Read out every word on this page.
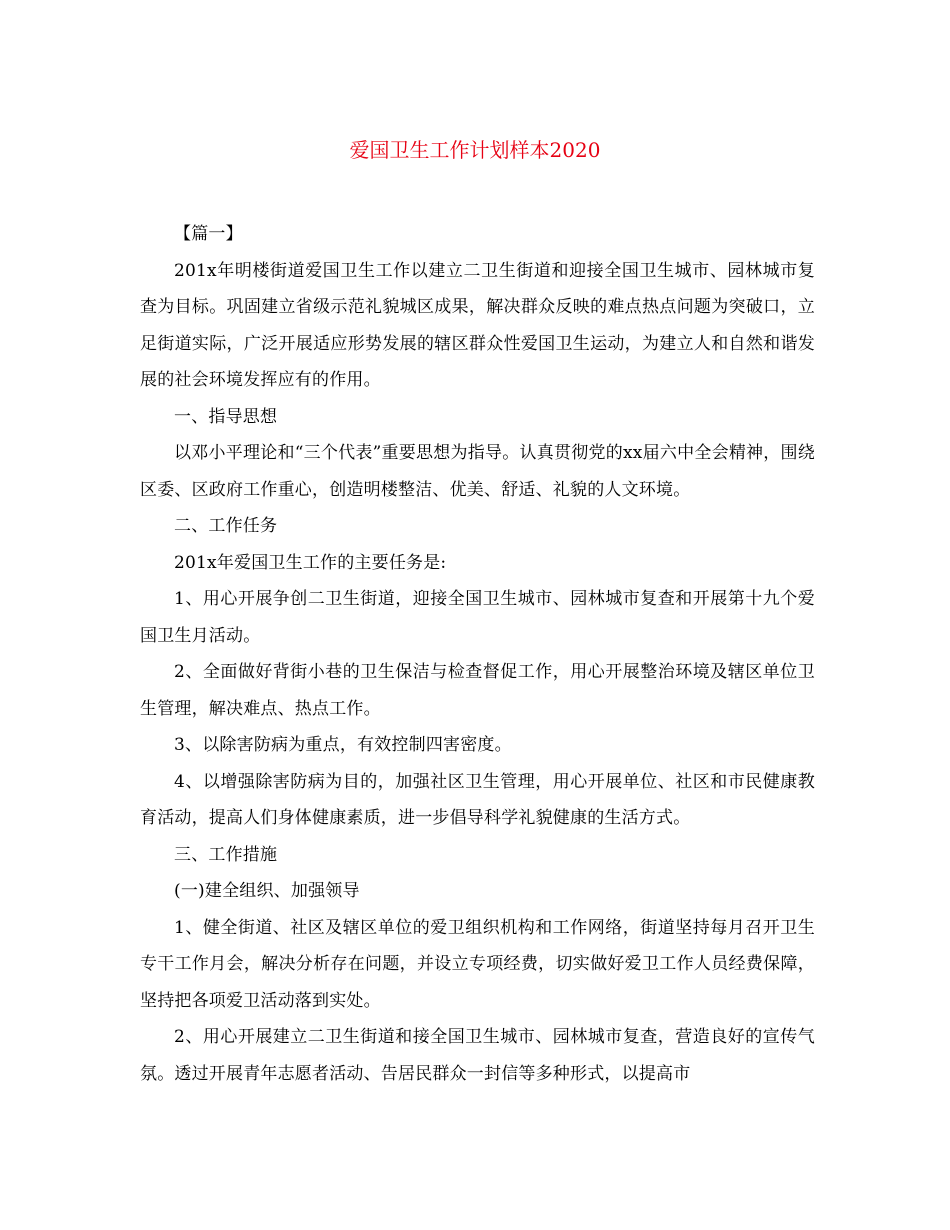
爱国卫生工作计划样本2020

【篇一】

201x年明楼街道爱国卫生工作以建立二卫生街道和迎接全国卫生城市、园林城市复查为目标。巩固建立省级示范礼貌城区成果，解决群众反映的难点热点问题为突破口，立足街道实际，广泛开展适应形势发展的辖区群众性爱国卫生运动，为建立人和自然和谐发展的社会环境发挥应有的作用。

一、指导思想

以邓小平理论和“三个代表”重要思想为指导。认真贯彻党的xx届六中全会精神，围绕区委、区政府工作重心，创造明楼整洁、优美、舒适、礼貌的人文环境。

二、工作任务

201x年爱国卫生工作的主要任务是:

1、用心开展争创二卫生街道，迎接全国卫生城市、园林城市复查和开展第十九个爱国卫生月活动。

2、全面做好背街小巷的卫生保洁与检查督促工作，用心开展整治环境及辖区单位卫生管理，解决难点、热点工作。

3、以除害防病为重点，有效控制四害密度。

4、以增强除害防病为目的，加强社区卫生管理，用心开展单位、社区和市民健康教育活动，提高人们身体健康素质，进一步倡导科学礼貌健康的生活方式。

三、工作措施

(一)建全组织、加强领导

1、健全街道、社区及辖区单位的爱卫组织机构和工作网络，街道坚持每月召开卫生专干工作月会，解决分析存在问题，并设立专项经费，切实做好爱卫工作人员经费保障，坚持把各项爱卫活动落到实处。

2、用心开展建立二卫生街道和接全国卫生城市、园林城市复查，营造良好的宣传气氛。透过开展青年志愿者活动、告居民群众一封信等多种形式，以提高市
